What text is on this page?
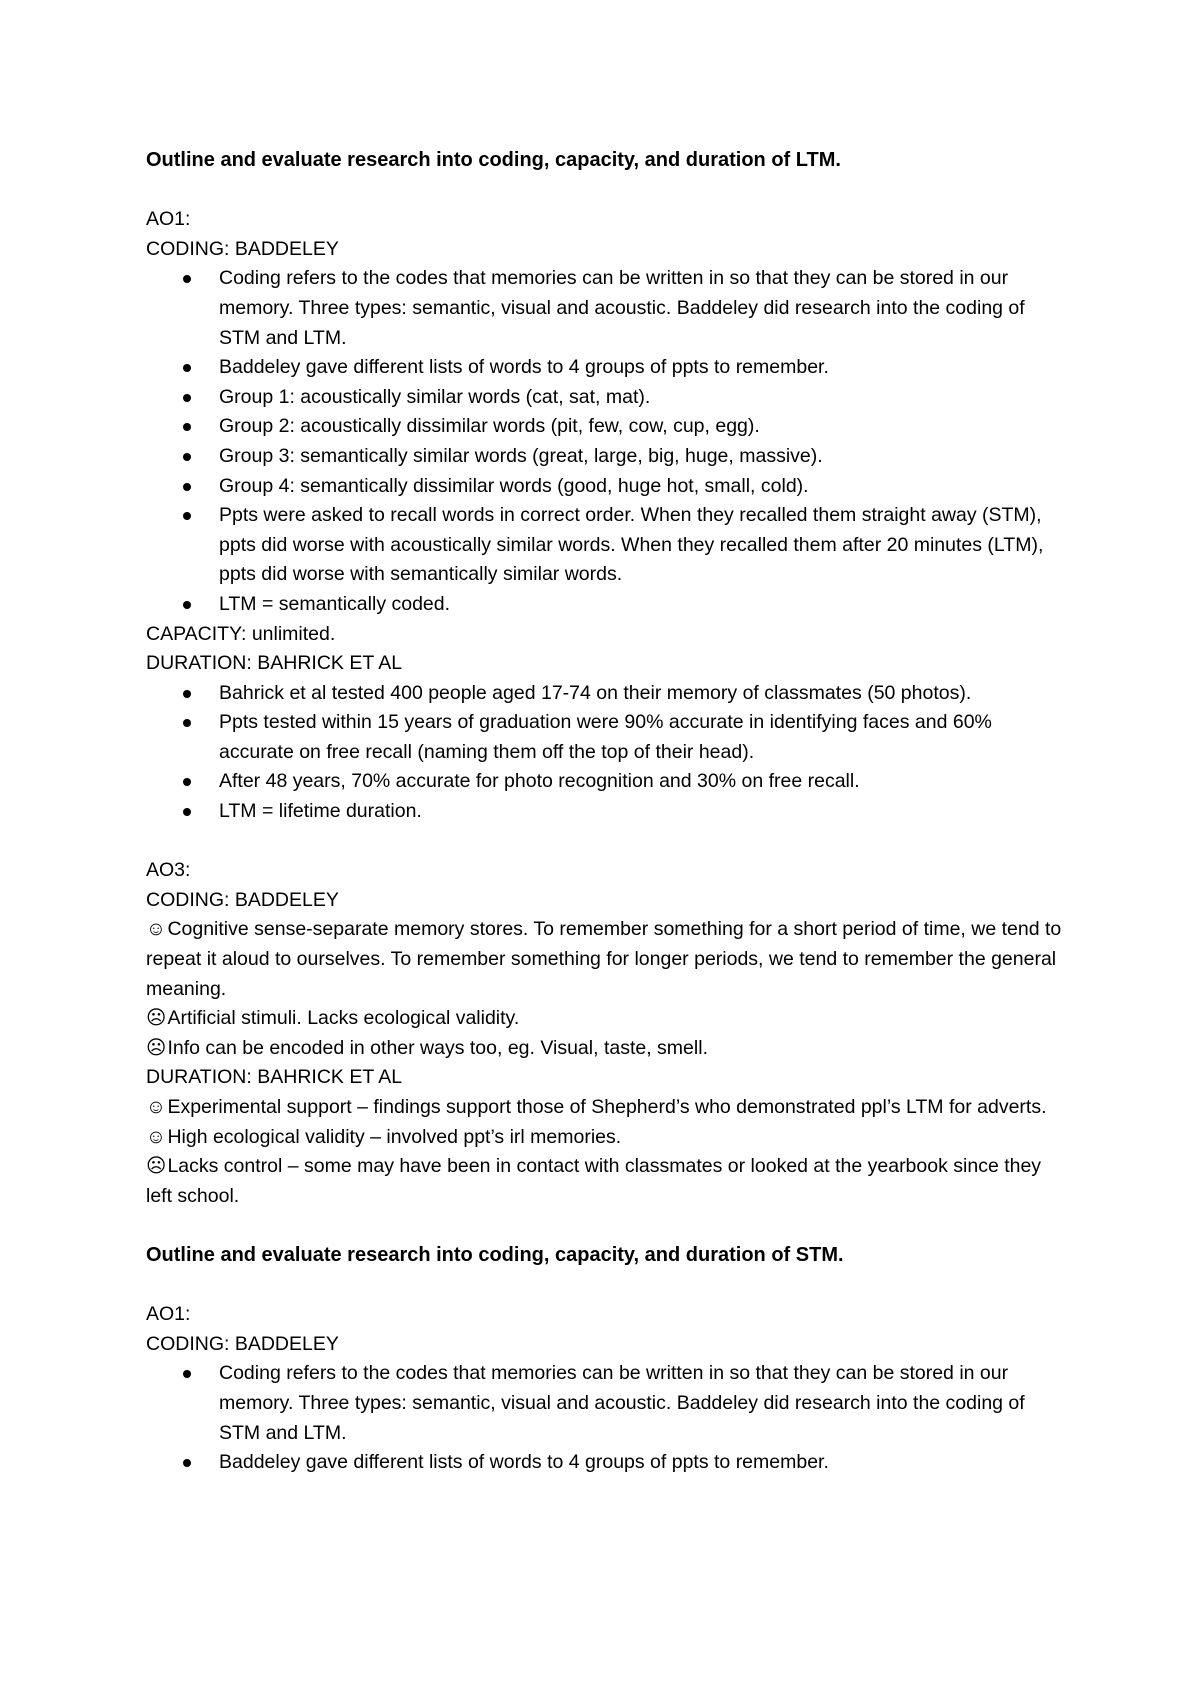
Outline and evaluate research into coding, capacity, and duration of LTM.

AO1:

CODING: BADDELEY

Coding refers to the codes that memories can be written in so that they can be stored in our memory. Three types: semantic, visual and acoustic. Baddeley did research into the coding of STM and LTM.
Baddeley gave different lists of words to 4 groups of ppts to remember.
Group 1: acoustically similar words (cat, sat, mat).
Group 2: acoustically dissimilar words (pit, few, cow, cup, egg).
Group 3: semantically similar words (great, large, big, huge, massive).
Group 4: semantically dissimilar words (good, huge hot, small, cold).
Ppts were asked to recall words in correct order. When they recalled them straight away (STM), ppts did worse with acoustically similar words. When they recalled them after 20 minutes (LTM), ppts did worse with semantically similar words.
LTM = semantically coded.

CAPACITY: unlimited.

DURATION: BAHRICK ET AL

Bahrick et al tested 400 people aged 17-74 on their memory of classmates (50 photos).
Ppts tested within 15 years of graduation were 90% accurate in identifying faces and 60% accurate on free recall (naming them off the top of their head).
After 48 years, 70% accurate for photo recognition and 30% on free recall.
LTM = lifetime duration.

AO3:

CODING: BADDELEY

☺Cognitive sense-separate memory stores. To remember something for a short period of time, we tend to repeat it aloud to ourselves. To remember something for longer periods, we tend to remember the general meaning.

☹Artificial stimuli. Lacks ecological validity.

☹Info can be encoded in other ways too, eg. Visual, taste, smell.

DURATION: BAHRICK ET AL

☺Experimental support – findings support those of Shepherd’s who demonstrated ppl’s LTM for adverts.

☺High ecological validity – involved ppt’s irl memories.

☹Lacks control – some may have been in contact with classmates or looked at the yearbook since they left school.

Outline and evaluate research into coding, capacity, and duration of STM.

AO1:

CODING: BADDELEY

Coding refers to the codes that memories can be written in so that they can be stored in our memory. Three types: semantic, visual and acoustic. Baddeley did research into the coding of STM and LTM.
Baddeley gave different lists of words to 4 groups of ppts to remember.
